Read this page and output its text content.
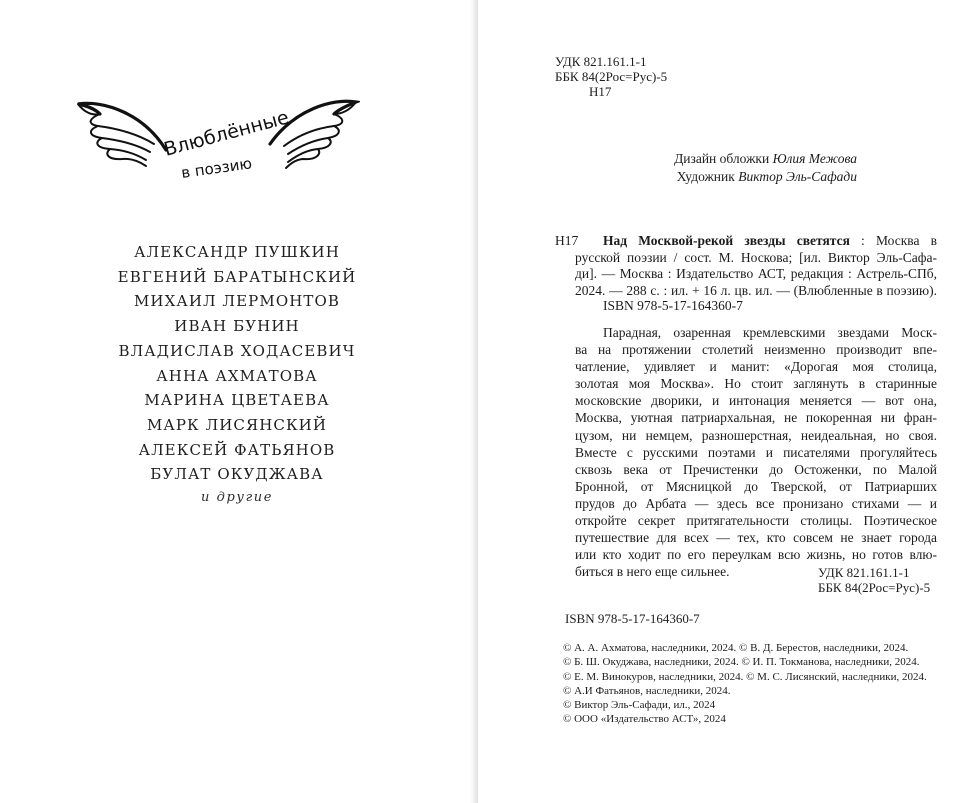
Влюблённые
в поэзию
АЛЕКСАНДР ПУШКИН
ЕВГЕНИЙ БАРАТЫНСКИЙ
МИХАИЛ ЛЕРМОНТОВ
ИВАН БУНИН
ВЛАДИСЛАВ ХОДАСЕВИЧ
АННА АХМАТОВА
МАРИНА ЦВЕТАЕВА
МАРК ЛИСЯНСКИЙ
АЛЕКСЕЙ ФАТЬЯНОВ
БУЛАТ ОКУДЖАВА
и другие
УДК 821.161.1-1
ББК 84(2Рос=Рус)-5
Н17
Дизайн обложки Юлия Межова
Художник Виктор Эль-Сафади
Н17	Над Москвой-рекой звезды светятся : Москва в
русской поэзии / сост. М. Носкова; [ил. Виктор Эль-Сафа-
ди]. — Москва : Издательство АСТ, редакция : Астрель-СПб,
2024. — 288 с. : ил. + 16 л. цв. ил. — (Влюбленные в поэзию).
ISBN 978-5-17-164360-7
Парадная, озаренная кремлевскими звездами Моск-
ва на протяжении столетий неизменно производит впе-
чатление, удивляет и манит: «Дорогая моя столица,
золотая моя Москва». Но стоит заглянуть в старинные
московские дворики, и интонация меняется — вот она,
Москва, уютная патриархальная, не покоренная ни фран-
цузом, ни немцем, разношерстная, неидеальная, но своя.
Вместе с русскими поэтами и писателями прогуляйтесь
сквозь века от Пречистенки до Остоженки, по Малой
Бронной, от Мясницкой до Тверской, от Патриарших
прудов до Арбата — здесь все пронизано стихами — и
откройте секрет притягательности столицы. Поэтическое
путешествие для всех — тех, кто совсем не знает города
или кто ходит по его переулкам всю жизнь, но готов влю-
биться в него еще сильнее.	УДК 821.161.1-1
ББК 84(2Рос=Рус)-5
ISBN 978-5-17-164360-7
© А. А. Ахматова, наследники, 2024. © В. Д. Берестов, наследники, 2024.
© Б. Ш. Окуджава, наследники, 2024. © И. П. Токманова, наследники, 2024.
© Е. М. Винокуров, наследники, 2024. © М. С. Лисянский, наследники, 2024.
© А.И Фатьянов, наследники, 2024.
© Виктор Эль-Сафади, ил., 2024
© ООО «Издательство АСТ», 2024
